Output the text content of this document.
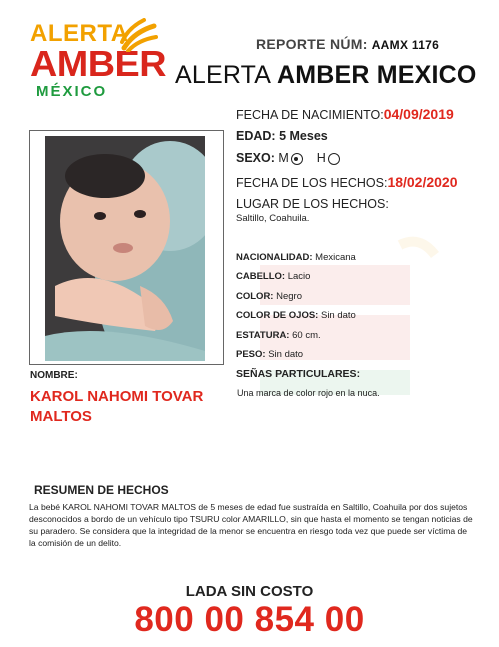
ALERTA
AMBER
MÉXICO
REPORTE NÚM: AAMX 1176
ALERTA AMBER MEXICO
NOMBRE:
KAROL NAHOMI TOVAR
MALTOS
FECHA DE NACIMIENTO:04/09/2019
EDAD: 5 Meses
SEXO: M H
FECHA DE LOS HECHOS:18/02/2020
LUGAR DE LOS HECHOS:
Saltillo, Coahuila.
NACIONALIDAD: Mexicana
CABELLO: Lacio
COLOR: Negro
COLOR DE OJOS: Sin dato
ESTATURA: 60 cm.
PESO: Sin dato
SEÑAS PARTICULARES:
Una marca de color rojo en la nuca.
RESUMEN DE HECHOS
La bebé KAROL NAHOMI TOVAR MALTOS de 5 meses de edad fue sustraída en Saltillo, Coahuila por dos sujetos desconocidos a bordo de un vehículo tipo TSURU color AMARILLO, sin que hasta el momento se tengan noticias de su paradero. Se considera que la integridad de la menor se encuentra en riesgo toda vez que puede ser víctima de la comisión de un delito.
LADA SIN COSTO
800 00 854 00
